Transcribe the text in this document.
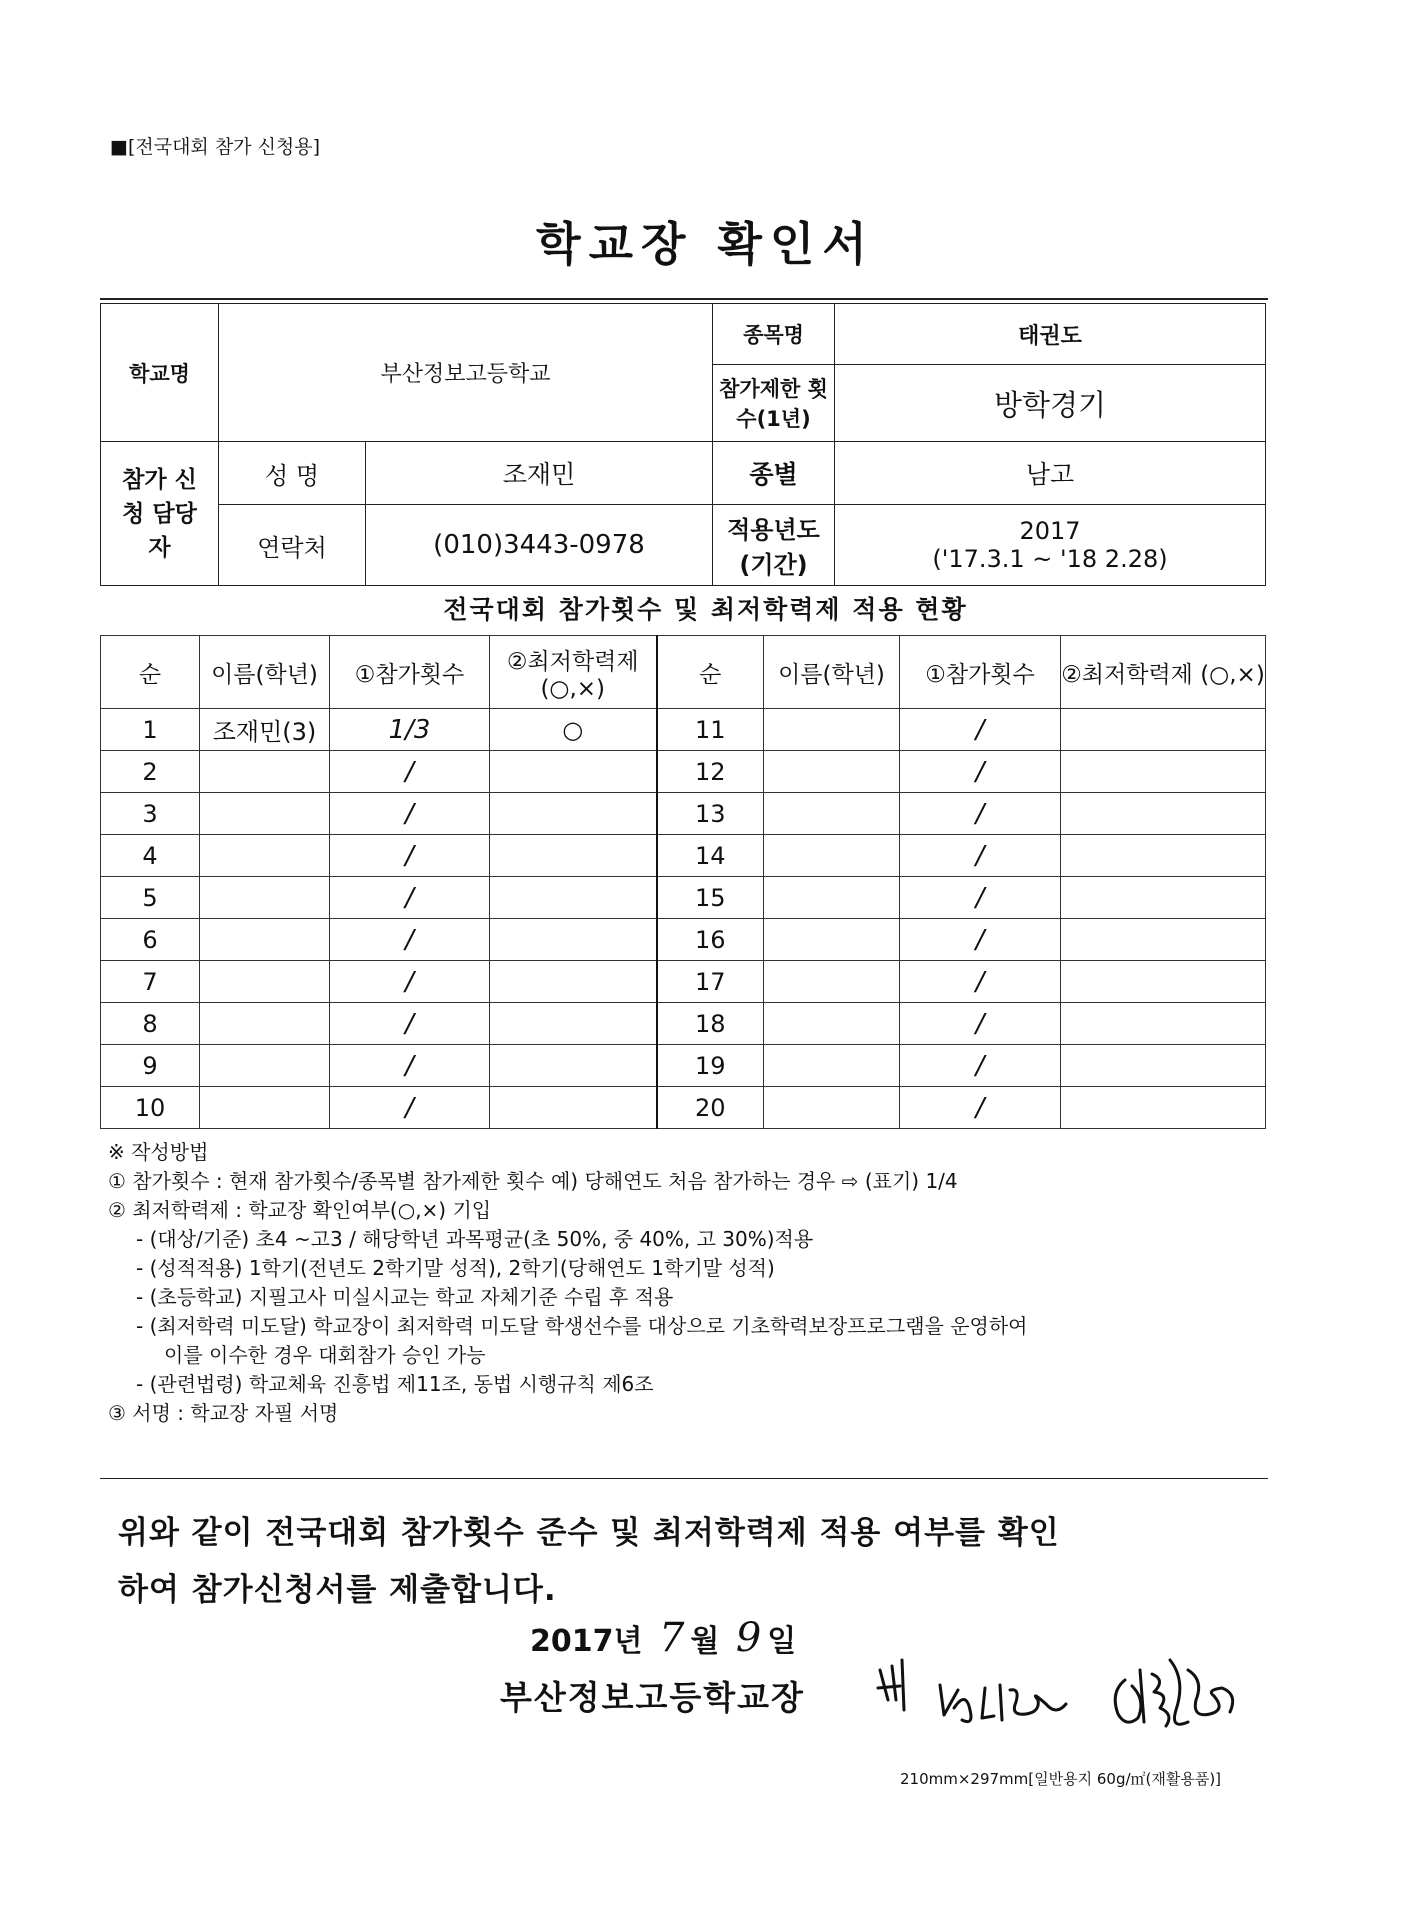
■[전국대회 참가 신청용]
학교장 확인서
학교명	부산정보고등학교		종목명	태권도
			참가제한 횟수(1년)	방학경기
참가 신청 담당자	성 명	조재민	종별	남고
	연락처	(010)3443-0978	적용년도 (기간)	2017
('17.3.1 ~ '18 2.28)
전국대회 참가횟수 및 최저학력제 적용 현황
순	이름(학년)	①참가횟수	②최저학력제 (○,×)	순	이름(학년)	①참가횟수	②최저학력제 (○,×)
1	조재민(3)	1/3	○	11		/	
2		/		12		/	
3		/		13		/	
4		/		14		/	
5		/		15		/	
6		/		16		/	
7		/		17		/	
8		/		18		/	
9		/		19		/	
10		/		20		/	
※ 작성방법
① 참가횟수 : 현재 참가횟수/종목별 참가제한 횟수 예) 당해연도 처음 참가하는 경우 ⇨ (표기) 1/4
② 최저학력제 : 학교장 확인여부(○,×) 기입
- (대상/기준) 초4 ~고3 / 해당학년 과목평균(초 50%, 중 40%, 고 30%)적용
- (성적적용) 1학기(전년도 2학기말 성적), 2학기(당해연도 1학기말 성적)
- (초등학교) 지필고사 미실시교는 학교 자체기준 수립 후 적용
- (최저학력 미도달) 학교장이 최저학력 미도달 학생선수를 대상으로 기초학력보장프로그램을 운영하여
이를 이수한 경우 대회참가 승인 가능
- (관련법령) 학교체육 진흥법 제11조, 동법 시행규칙 제6조
③ 서명 : 학교장 자필 서명
위와 같이 전국대회 참가횟수 준수 및 최저학력제 적용 여부를 확인
하여 참가신청서를 제출합니다.
2017년 7 월 9 일
부산정보고등학교장
210mm×297mm[일반용지 60g/㎡(재활용품)]
